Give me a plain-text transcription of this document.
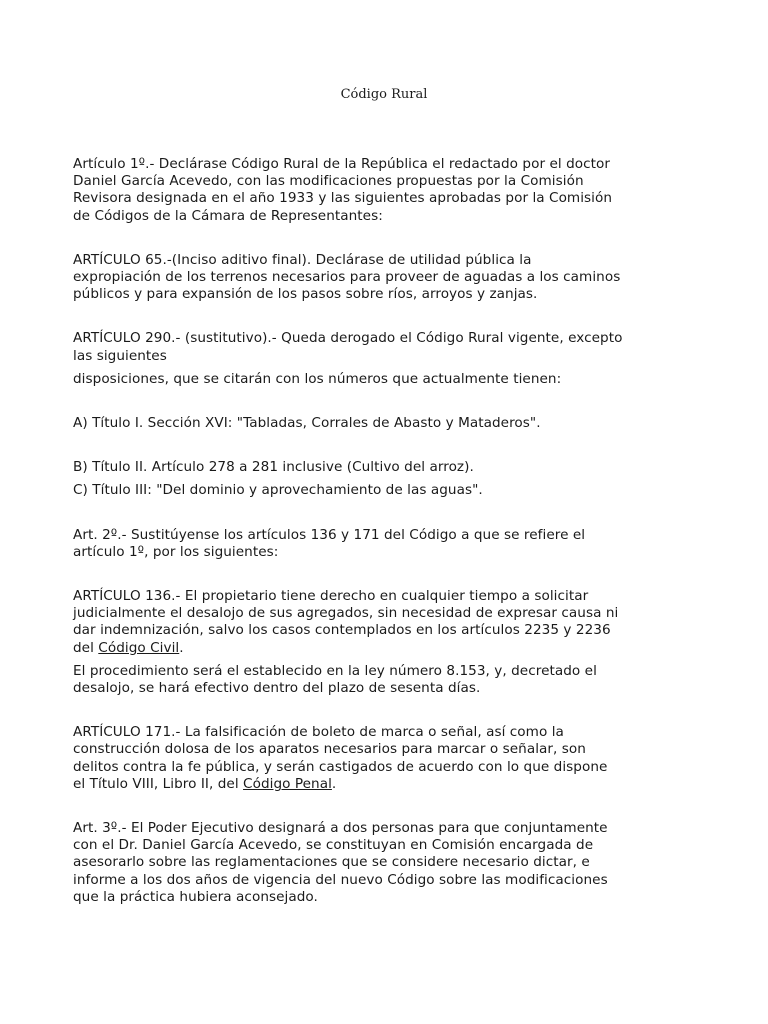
Código Rural

Artículo 1º.- Declárase Código Rural de la República el redactado por el doctor
Daniel García Acevedo, con las modificaciones propuestas por la Comisión
Revisora designada en el año 1933 y las siguientes aprobadas por la Comisión
de Códigos de la Cámara de Representantes:

ARTÍCULO 65.-(Inciso aditivo final). Declárase de utilidad pública la
expropiación de los terrenos necesarios para proveer de aguadas a los caminos
públicos y para expansión de los pasos sobre ríos, arroyos y zanjas.

ARTÍCULO 290.- (sustitutivo).- Queda derogado el Código Rural vigente, excepto
las siguientes

disposiciones, que se citarán con los números que actualmente tienen:

A) Título I. Sección XVI: "Tabladas, Corrales de Abasto y Mataderos".

B) Título II. Artículo 278 a 281 inclusive (Cultivo del arroz).

C) Título III: "Del dominio y aprovechamiento de las aguas".

Art. 2º.- Sustitúyense los artículos 136 y 171 del Código a que se refiere el
artículo 1º, por los siguientes:

ARTÍCULO 136.- El propietario tiene derecho en cualquier tiempo a solicitar
judicialmente el desalojo de sus agregados, sin necesidad de expresar causa ni
dar indemnización, salvo los casos contemplados en los artículos 2235 y 2236
del Código Civil.

El procedimiento será el establecido en la ley número 8.153, y, decretado el
desalojo, se hará efectivo dentro del plazo de sesenta días.

ARTÍCULO 171.- La falsificación de boleto de marca o señal, así como la
construcción dolosa de los aparatos necesarios para marcar o señalar, son
delitos contra la fe pública, y serán castigados de acuerdo con lo que dispone
el Título VIII, Libro II, del Código Penal.

Art. 3º.- El Poder Ejecutivo designará a dos personas para que conjuntamente
con el Dr. Daniel García Acevedo, se constituyan en Comisión encargada de
asesorarlo sobre las reglamentaciones que se considere necesario dictar, e
informe a los dos años de vigencia del nuevo Código sobre las modificaciones
que la práctica hubiera aconsejado.
